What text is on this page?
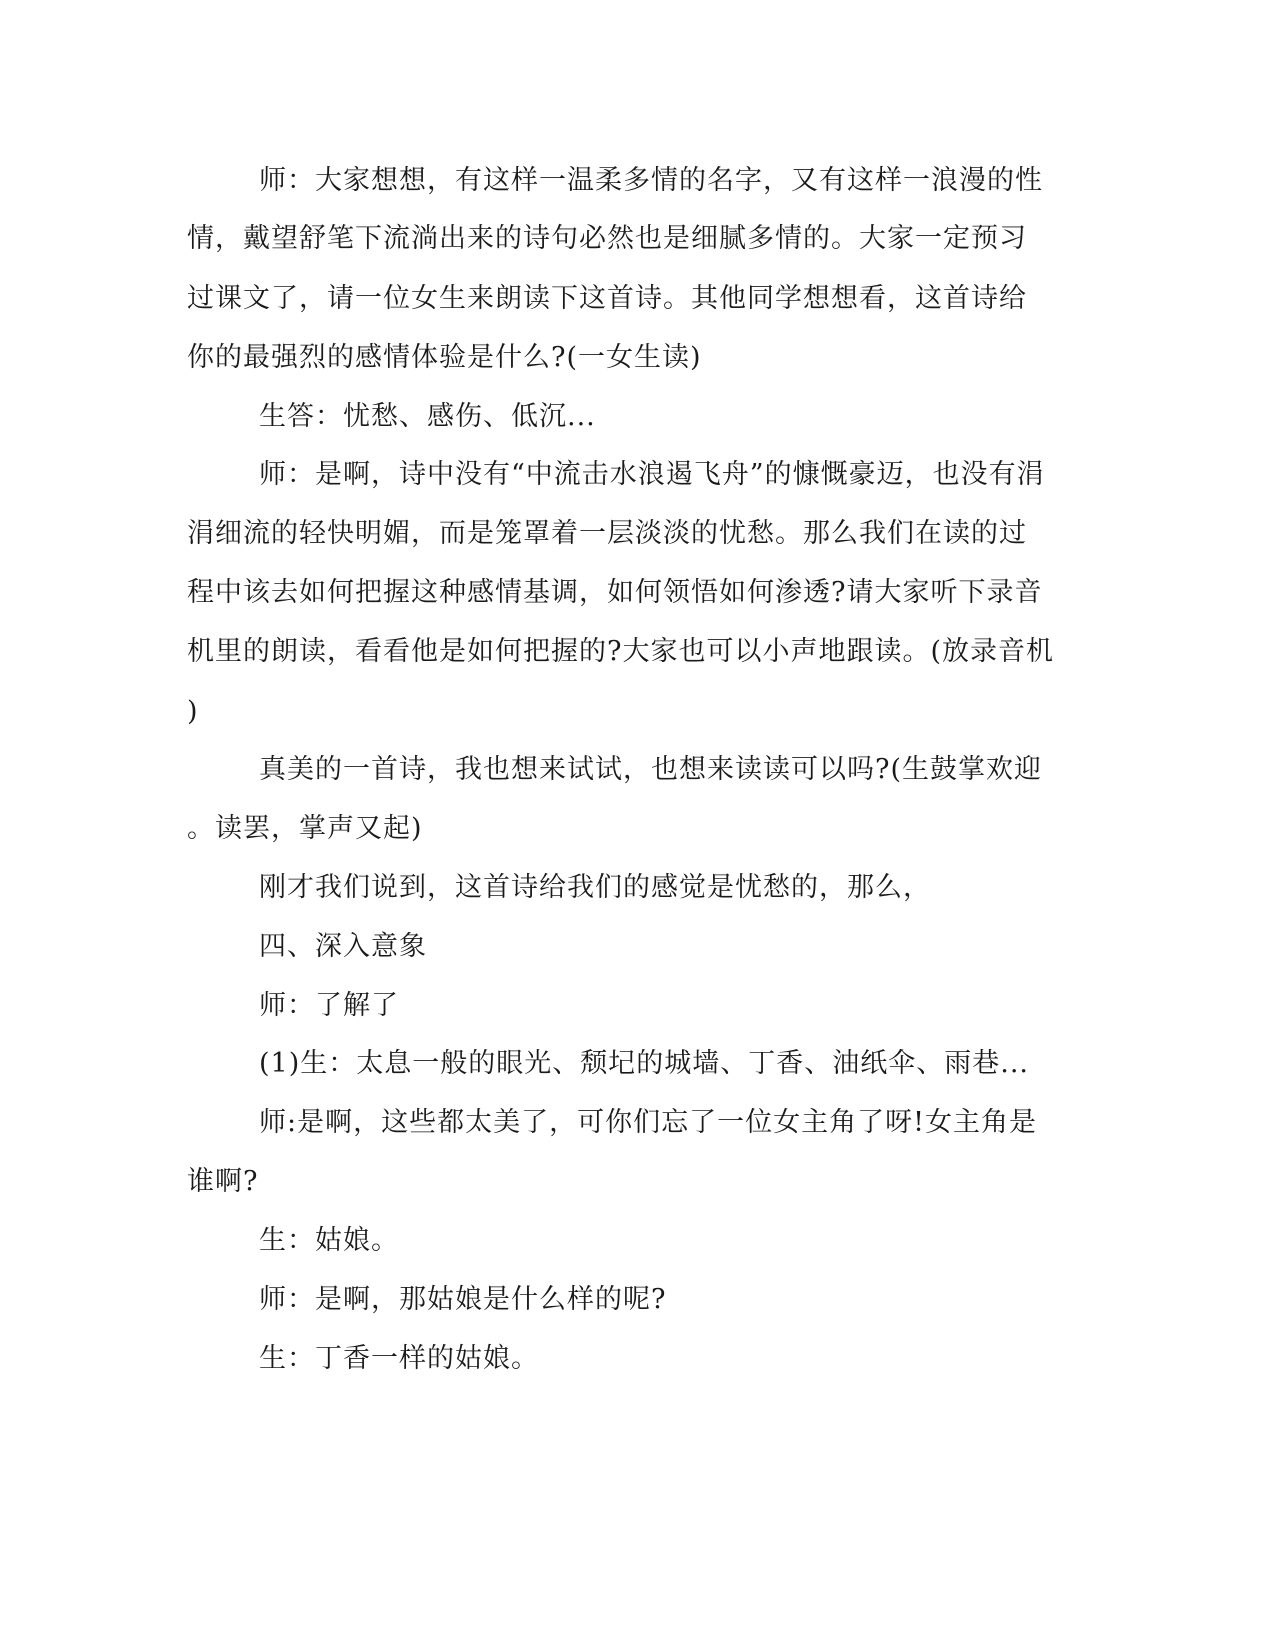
师：大家想想，有这样一温柔多情的名字，又有这样一浪漫的性
情，戴望舒笔下流淌出来的诗句必然也是细腻多情的。大家一定预习
过课文了，请一位女生来朗读下这首诗。其他同学想想看，这首诗给
你的最强烈的感情体验是什么?(一女生读)
生答：忧愁、感伤、低沉...
师：是啊，诗中没有“中流击水浪遏飞舟”的慷慨豪迈，也没有涓
涓细流的轻快明媚，而是笼罩着一层淡淡的忧愁。那么我们在读的过
程中该去如何把握这种感情基调，如何领悟如何渗透?请大家听下录音
机里的朗读，看看他是如何把握的?大家也可以小声地跟读。(放录音机
)
真美的一首诗，我也想来试试，也想来读读可以吗?(生鼓掌欢迎
。读罢，掌声又起)
刚才我们说到，这首诗给我们的感觉是忧愁的，那么，
四、深入意象
师：了解了
(1)生：太息一般的眼光、颓圮的城墙、丁香、油纸伞、雨巷...
师:是啊，这些都太美了，可你们忘了一位女主角了呀!女主角是
谁啊?
生：姑娘。
师：是啊，那姑娘是什么样的呢?
生：丁香一样的姑娘。
